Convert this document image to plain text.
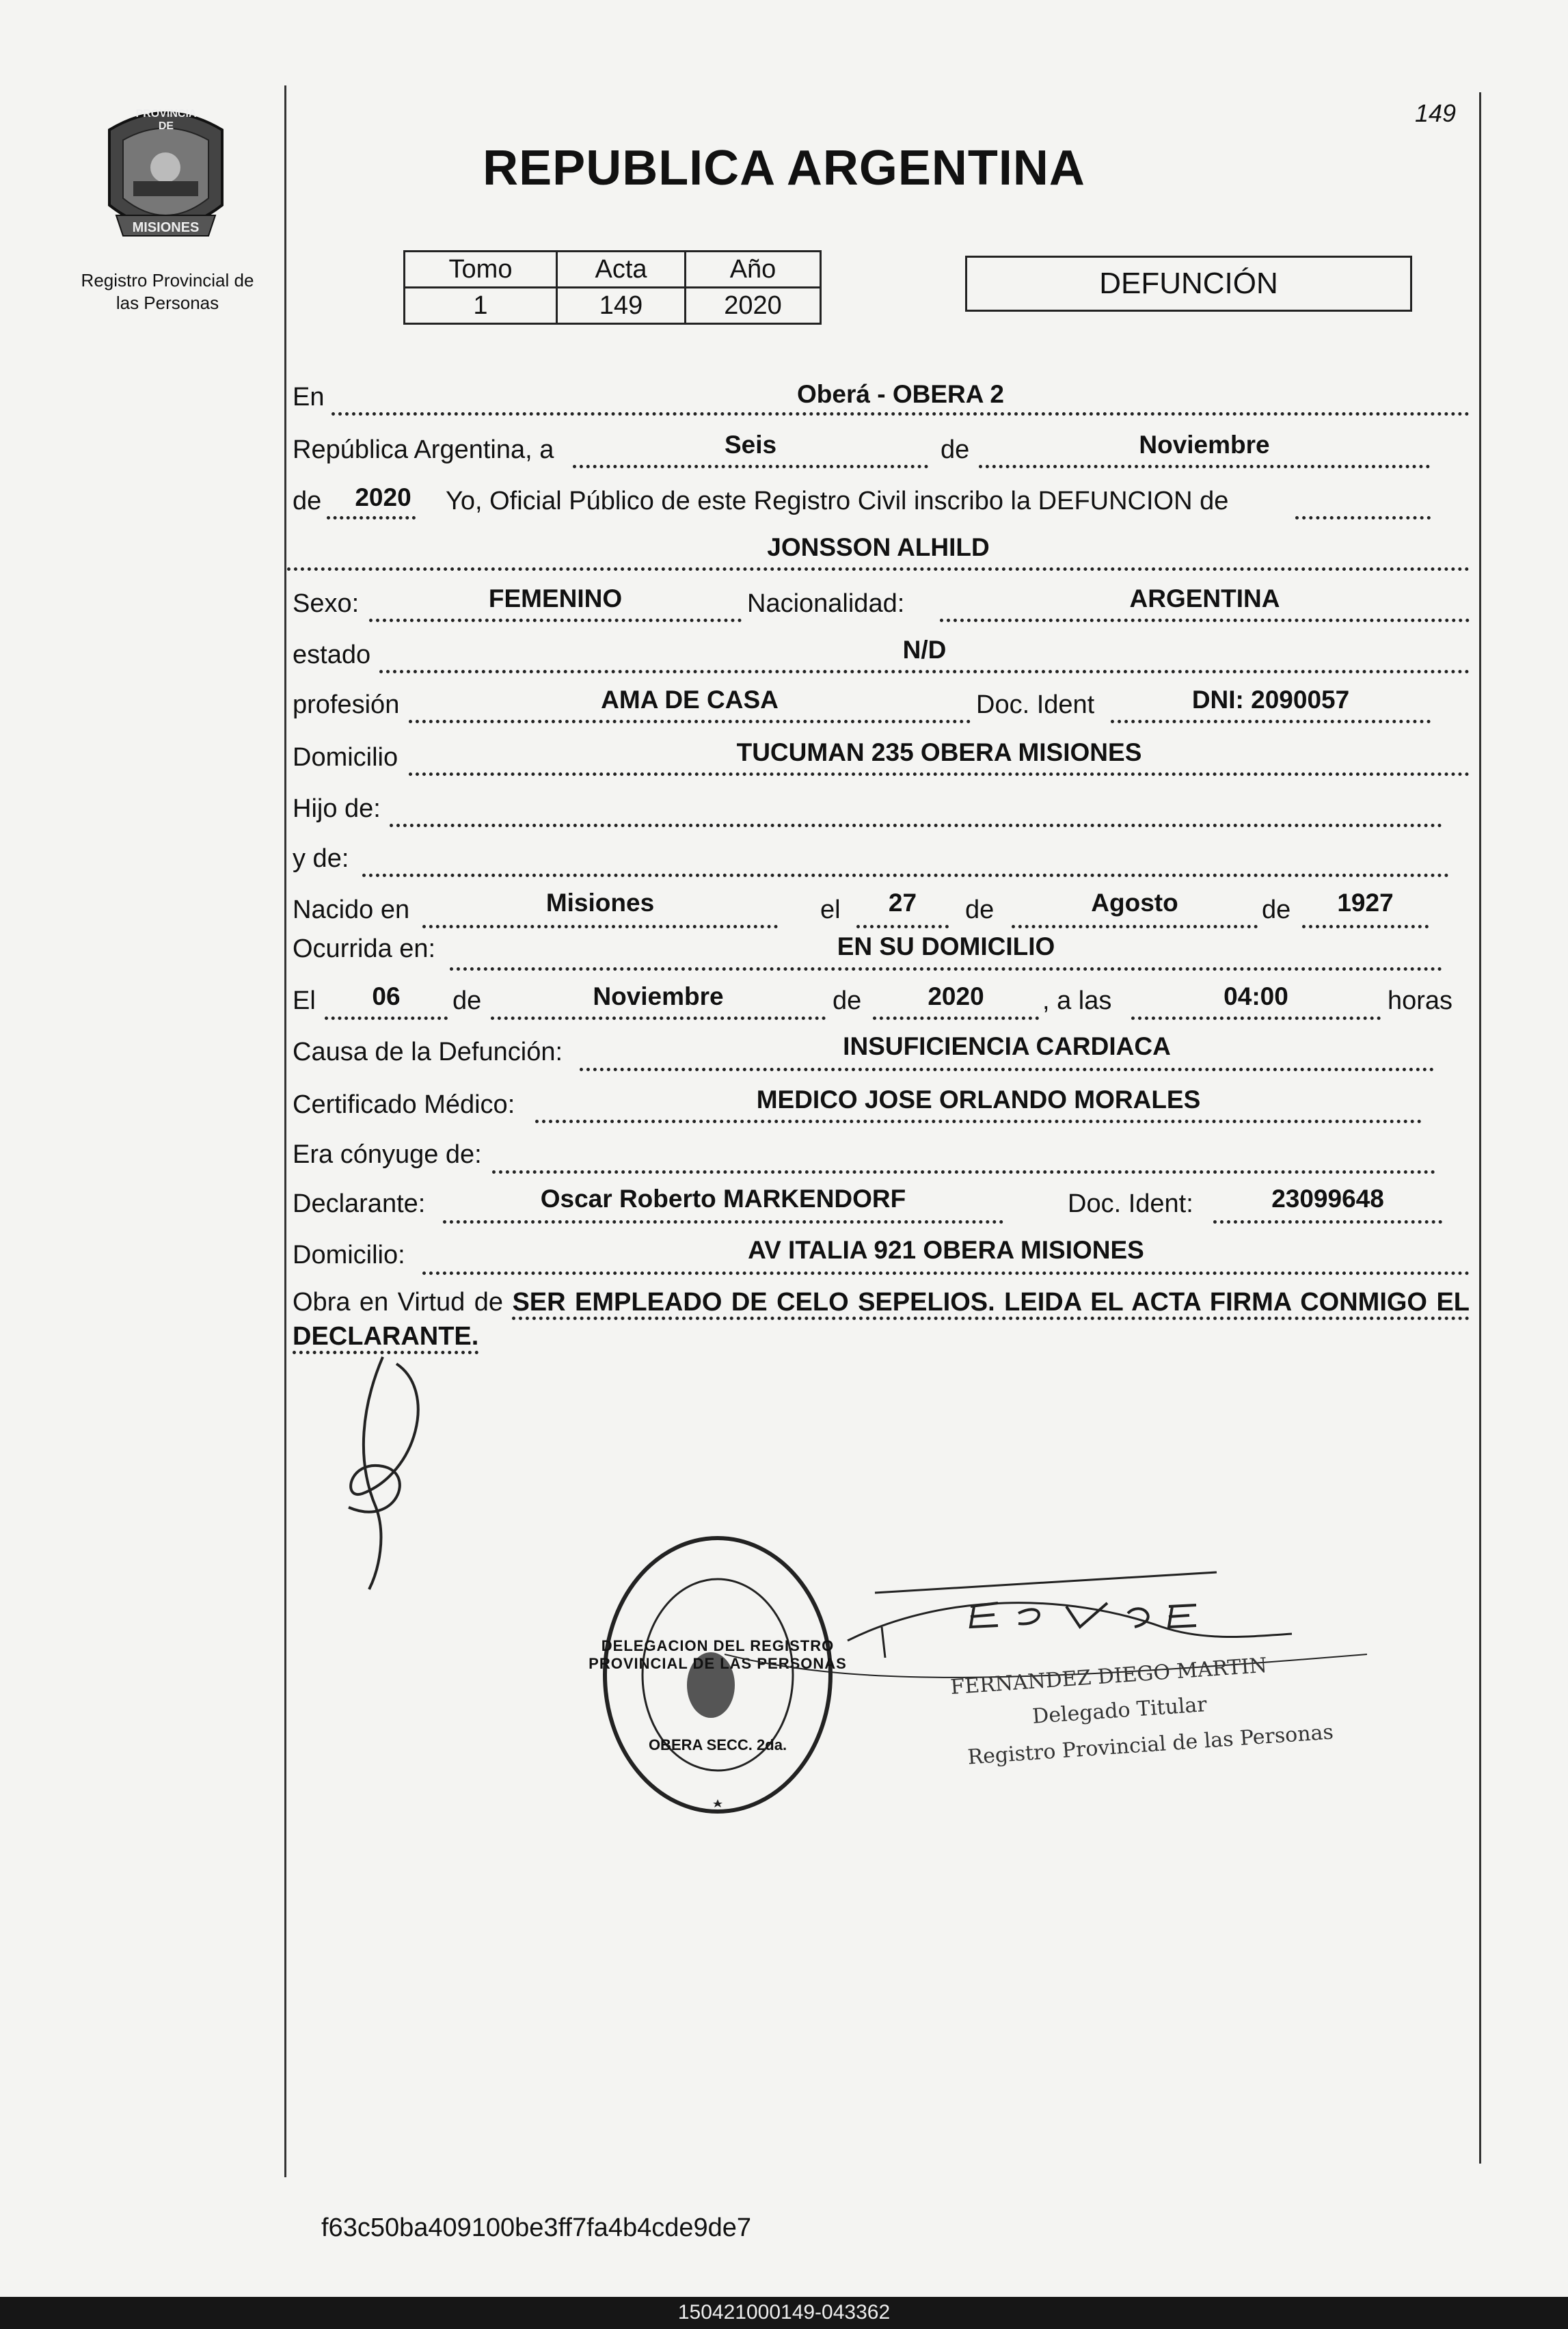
149
PROVINCIA DE
MISIONES
Registro Provincial de
las Personas
REPUBLICA ARGENTINA
Tomo	Acta	Año
1	149	2020
DEFUNCIÓN
En	Oberá - OBERA 2
República Argentina, a	Seis	de	Noviembre
de	2020	Yo, Oficial Público de este Registro Civil inscribo la DEFUNCION de
JONSSON ALHILD
Sexo:	FEMENINO	Nacionalidad:	ARGENTINA
estado	N/D
profesión	AMA DE CASA	Doc. Ident	DNI: 2090057
Domicilio	TUCUMAN 235 OBERA MISIONES
Hijo de:
y de:
Nacido en	Misiones	el	27	de	Agosto	de	1927
Ocurrida en:	EN SU DOMICILIO
El	06	de	Noviembre	de	2020	, a las	04:00	horas
Causa de la Defunción:	INSUFICIENCIA CARDIACA
Certificado Médico:	MEDICO JOSE ORLANDO MORALES
Era cónyuge de:
Declarante:	Oscar Roberto MARKENDORF	Doc. Ident:	23099648
Domicilio:	AV ITALIA 921 OBERA MISIONES
Obra en Virtud de SER EMPLEADO DE CELO SEPELIOS. LEIDA EL ACTA FIRMA CONMIGO EL DECLARANTE.
DELEGACION DEL REGISTRO PROVINCIAL DE LAS PERSONAS
OBERA SECC. 2da.
FERNANDEZ DIEGO MARTIN
Delegado Titular
Registro Provincial de las Personas
f63c50ba409100be3ff7fa4b4cde9de7
150421000149-043362
